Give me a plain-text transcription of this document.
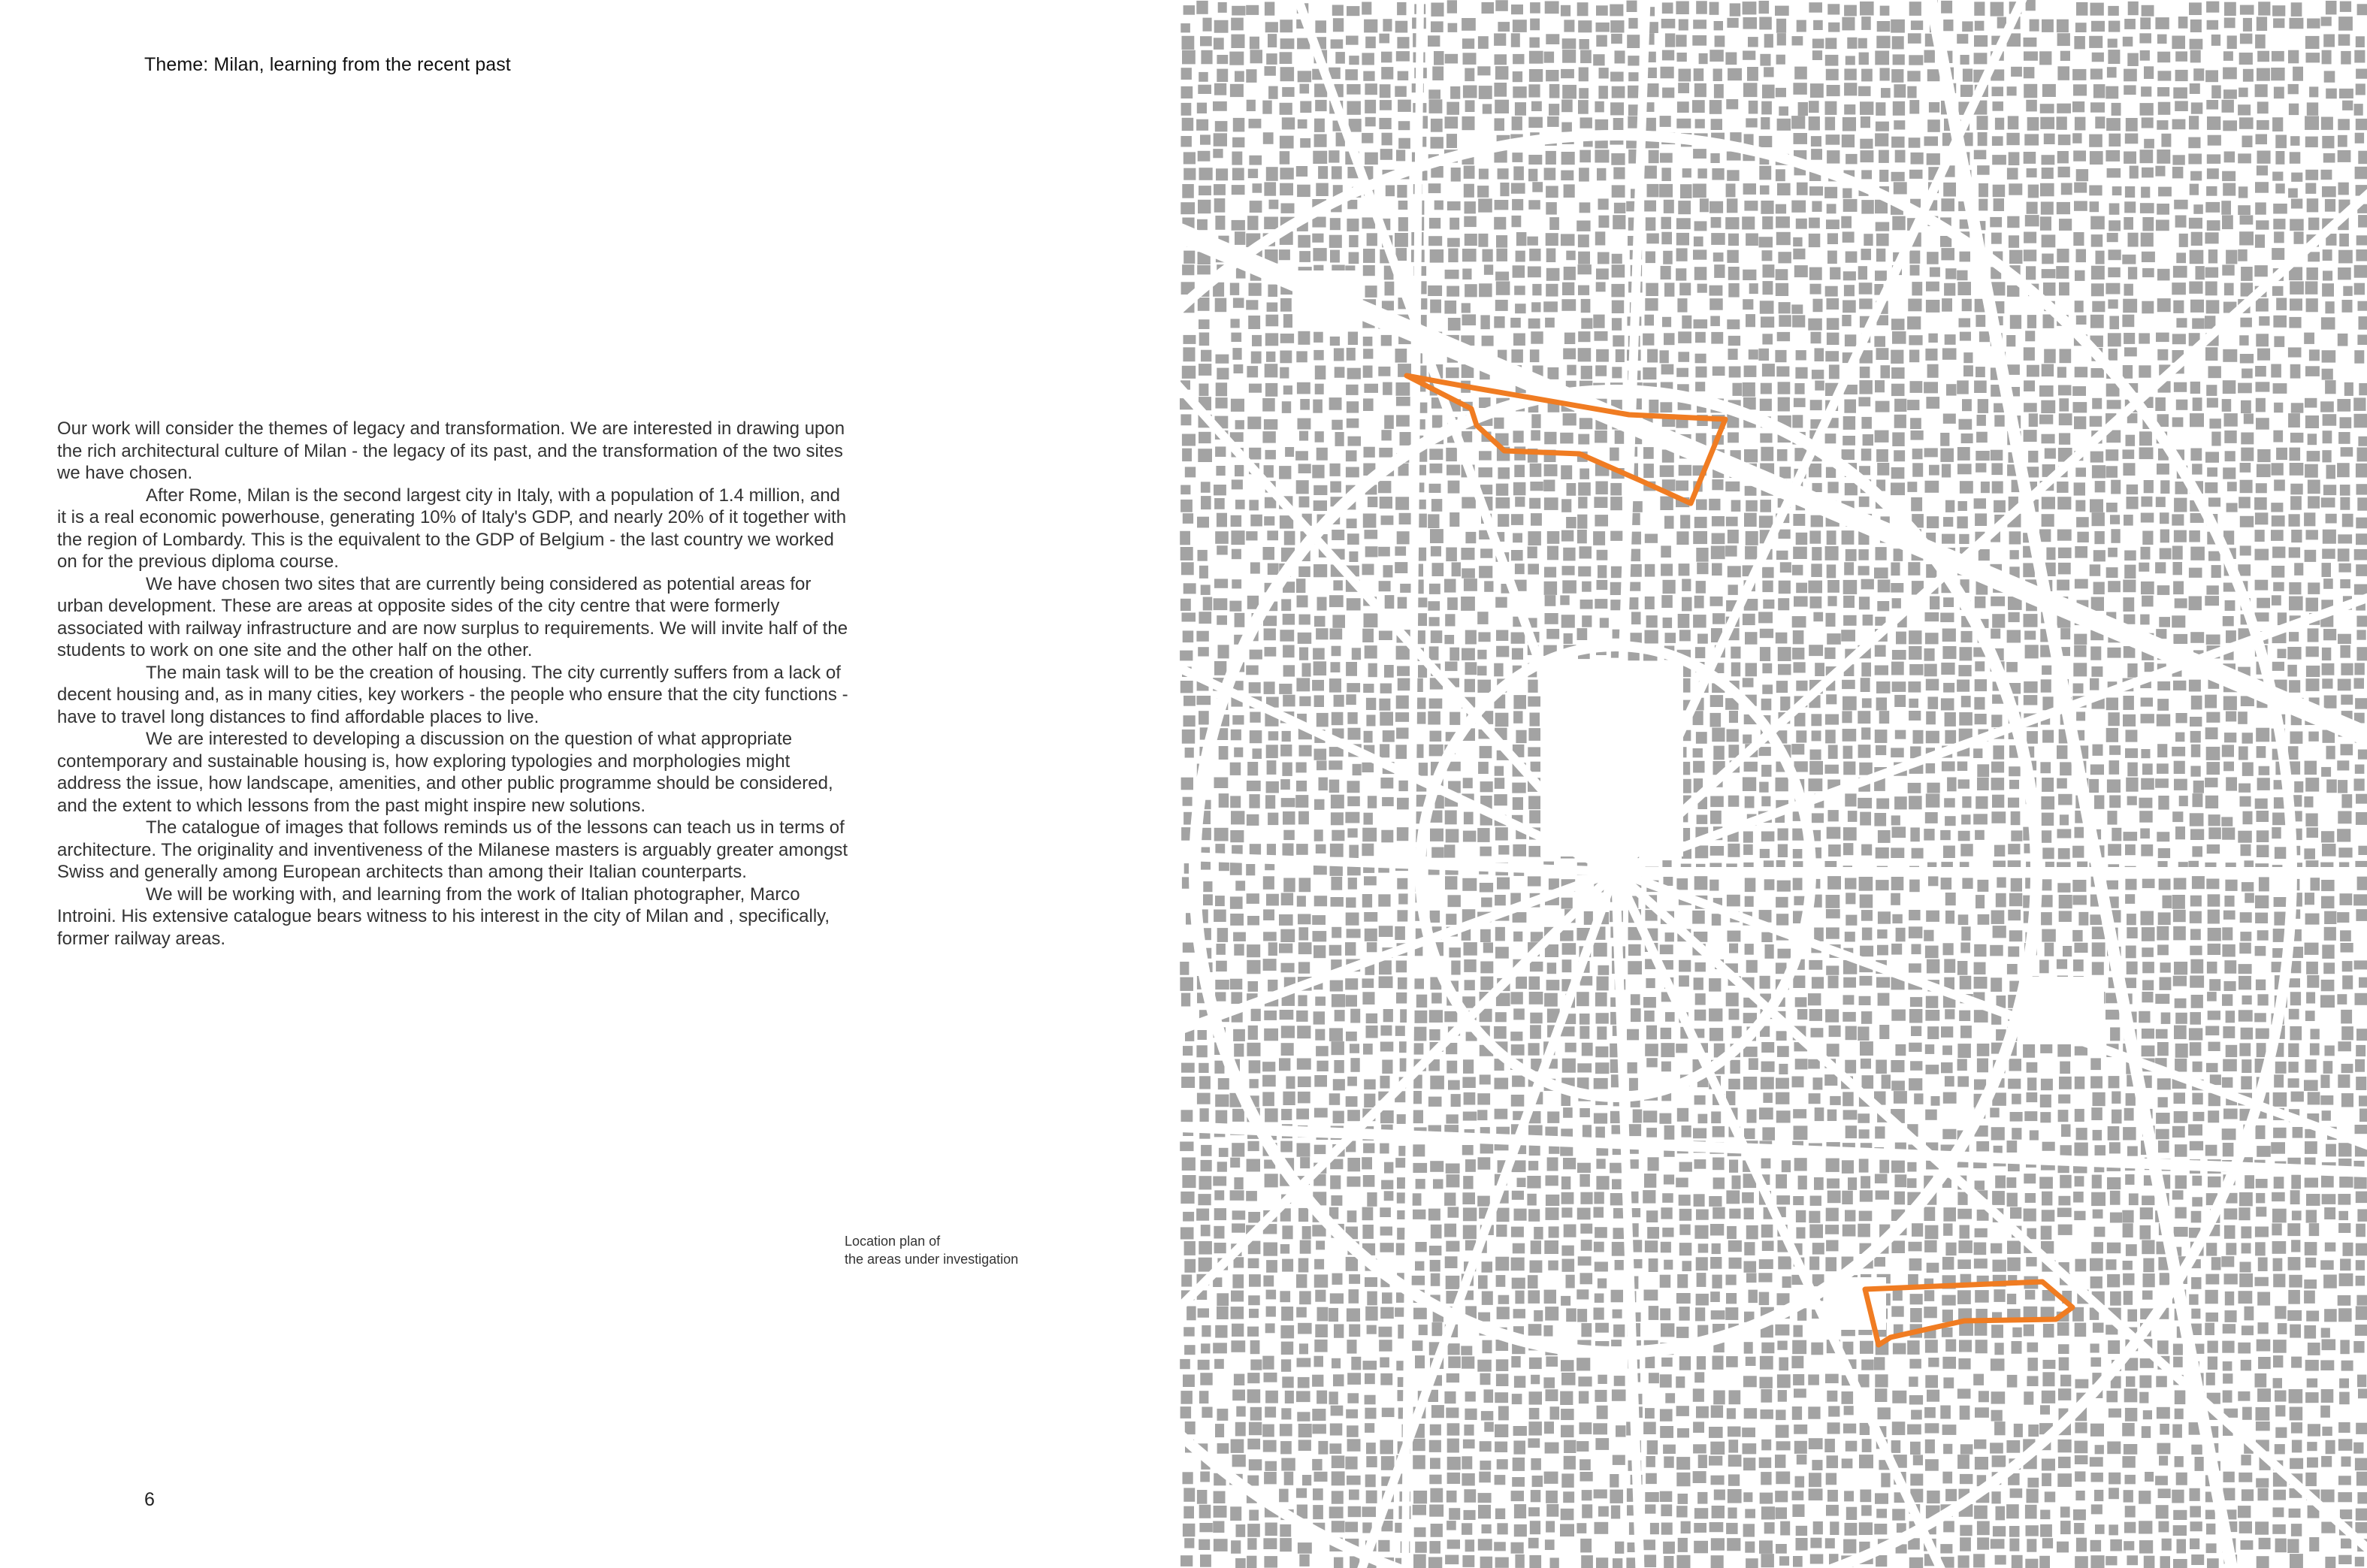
Theme: Milan, learning from the recent past

Our work will consider the themes of legacy and transformation. We are interested in drawing upon the rich architectural culture of Milan - the legacy of its past, and the transformation of the two sites we have chosen.

After Rome, Milan is the second largest city in Italy, with a population of 1.4 million, and it is a real economic powerhouse, generating 10% of Italy's GDP, and nearly 20% of it together with the region of Lombardy. This is the equivalent to the GDP of Belgium - the last country we worked on for the previous diploma course.

We have chosen two sites that are currently being considered as potential areas for urban development. These are areas at opposite sides of the city centre that were formerly associated with railway infrastructure and are now surplus to requirements. We will invite half of the students to work on one site and the other half on the other.

The main task will to be the creation of housing. The city currently suffers from a lack of decent housing and, as in many cities, key workers - the people who ensure that the city functions - have to travel long distances to find affordable places to live.

We are interested to developing a discussion on the question of what appropriate contemporary and sustainable housing is, how exploring typologies and morphologies might address the issue, how landscape, amenities, and other public programme should be considered, and the extent to which lessons from the past might inspire new solutions.

The catalogue of images that follows reminds us of the lessons can teach us in terms of architecture. The originality and inventiveness of the Milanese masters is arguably greater amongst Swiss and generally among European architects than among their Italian counterparts.

We will be working with, and learning from the work of Italian photographer, Marco Introini. His extensive catalogue bears witness to his interest in the city of Milan and , specifically, former railway areas.

Location plan of
the areas under investigation
6
